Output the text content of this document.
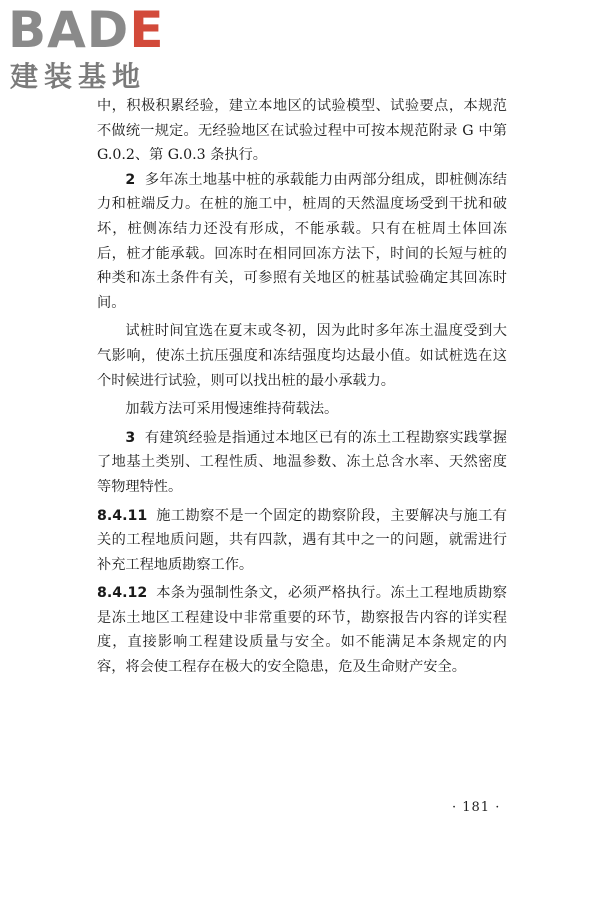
BADE
建装基地

中，积极积累经验，建立本地区的试验模型、试验要点，本规范不做统一规定。无经验地区在试验过程中可按本规范附录 G 中第 G.0.2、第 G.0.3 条执行。

2 多年冻土地基中桩的承载能力由两部分组成，即桩侧冻结力和桩端反力。在桩的施工中，桩周的天然温度场受到干扰和破坏，桩侧冻结力还没有形成，不能承载。只有在桩周土体回冻后，桩才能承载。回冻时在相同回冻方法下，时间的长短与桩的种类和冻土条件有关，可参照有关地区的桩基试验确定其回冻时间。

试桩时间宜选在夏末或冬初，因为此时多年冻土温度受到大气影响，使冻土抗压强度和冻结强度均达最小值。如试桩选在这个时候进行试验，则可以找出桩的最小承载力。

加载方法可采用慢速维持荷载法。

3 有建筑经验是指通过本地区已有的冻土工程勘察实践掌握了地基土类别、工程性质、地温参数、冻土总含水率、天然密度等物理特性。

8.4.11 施工勘察不是一个固定的勘察阶段，主要解决与施工有关的工程地质问题，共有四款，遇有其中之一的问题，就需进行补充工程地质勘察工作。

8.4.12 本条为强制性条文，必须严格执行。冻土工程地质勘察是冻土地区工程建设中非常重要的环节，勘察报告内容的详实程度，直接影响工程建设质量与安全。如不能满足本条规定的内容，将会使工程存在极大的安全隐患，危及生命财产安全。

· 181 ·
